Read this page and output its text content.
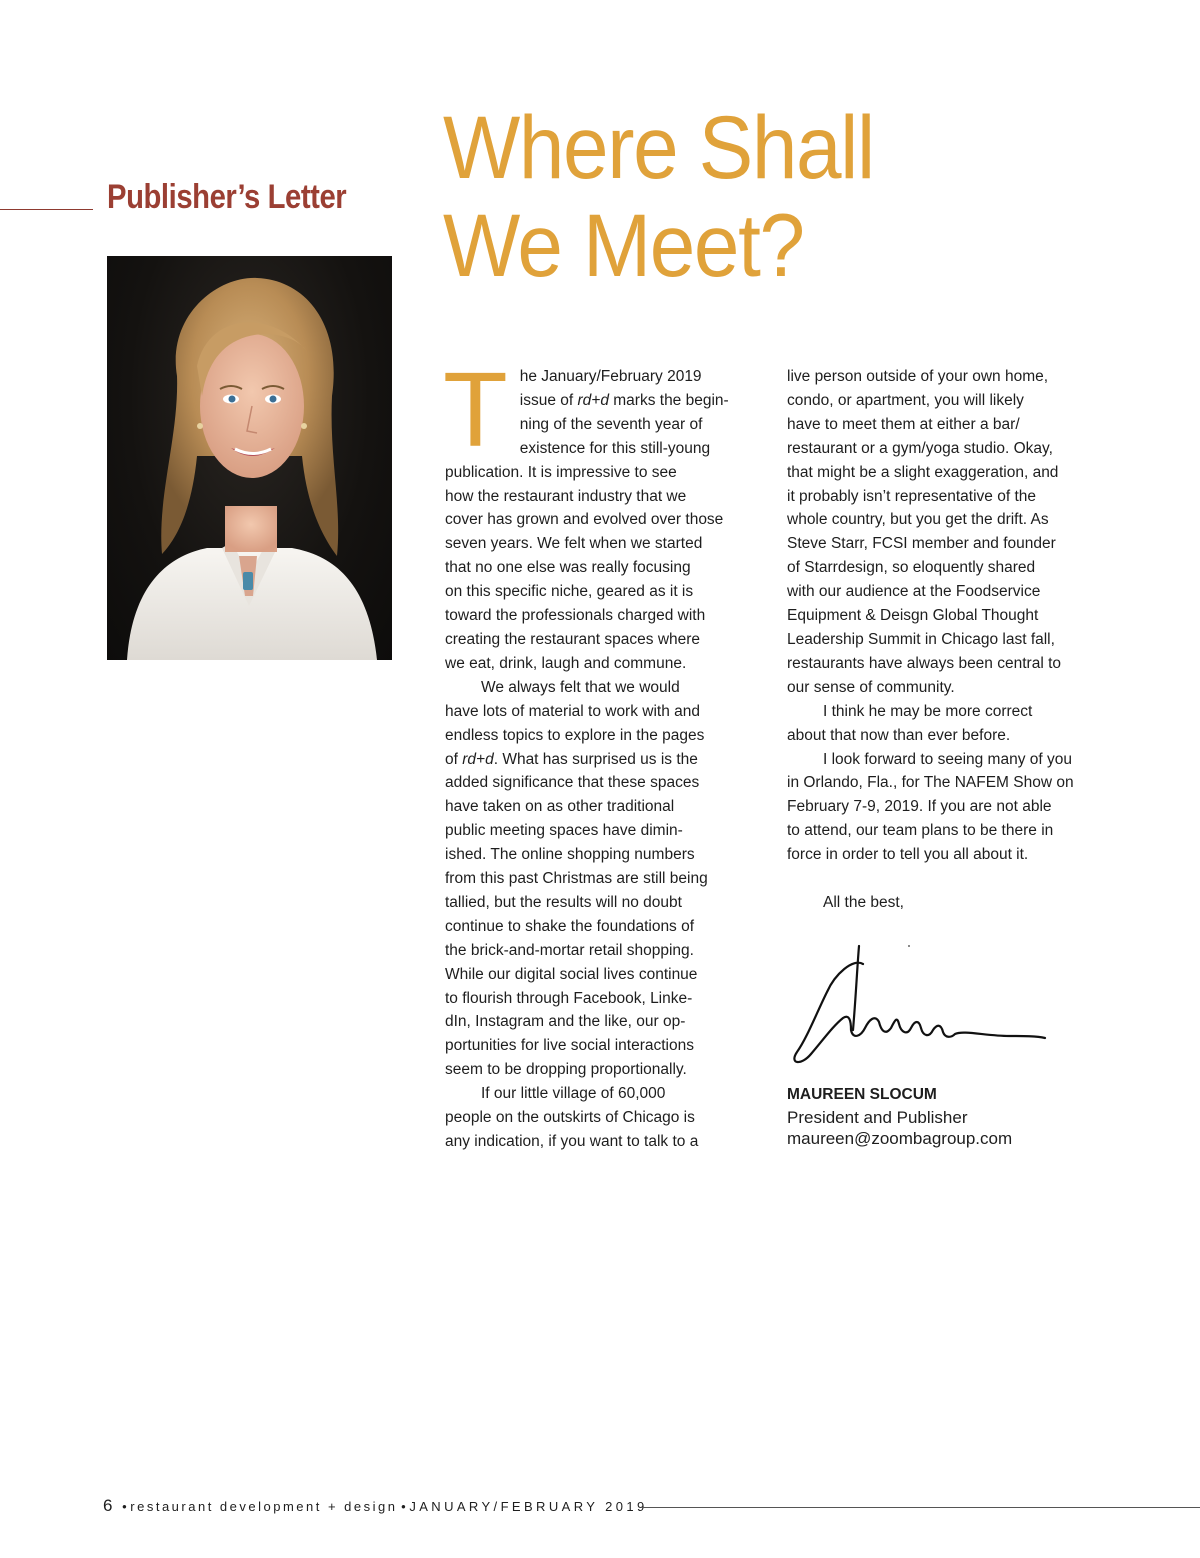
Publisher’s Letter Where Shall
We Meet?

T he January/February 2019
issue of rd+d marks the begin-
ning of the seventh year of
existence for this still-young
publication. It is impressive to see
how the restaurant industry that we
cover has grown and evolved over those
seven years. We felt when we started
that no one else was really focusing
on this specific niche, geared as it is
toward the professionals charged with
creating the restaurant spaces where
we eat, drink, laugh and commune.

We always felt that we would
have lots of material to work with and
endless topics to explore in the pages
of rd+d. What has surprised us is the
added significance that these spaces
have taken on as other traditional
public meeting spaces have dimin-
ished. The online shopping numbers
from this past Christmas are still being
tallied, but the results will no doubt
continue to shake the foundations of
the brick-and-mortar retail shopping.
While our digital social lives continue
to flourish through Facebook, Linke-
dIn, Instagram and the like, our op-
portunities for live social interactions
seem to be dropping proportionally.

If our little village of 60,000
people on the outskirts of Chicago is
any indication, if you want to talk to a

live person outside of your own home,
condo, or apartment, you will likely
have to meet them at either a bar/
restaurant or a gym/yoga studio. Okay,
that might be a slight exaggeration, and
it probably isn’t representative of the
whole country, but you get the drift. As
Steve Starr, FCSI member and founder
of Starrdesign, so eloquently shared
with our audience at the Foodservice
Equipment & Deisgn Global Thought
Leadership Summit in Chicago last fall,
restaurants have always been central to
our sense of community.

I think he may be more correct
about that now than ever before.

I look forward to seeing many of you
in Orlando, Fla., for The NAFEM Show on
February 7-9, 2019. If you are not able
to attend, our team plans to be there in
force in order to tell you all about it.

All the best,

MAUREEN SLOCUM
President and Publisher
maureen@zoombagroup.com
6 • restaurant development + design • JANUARY/FEBRUARY 2019
